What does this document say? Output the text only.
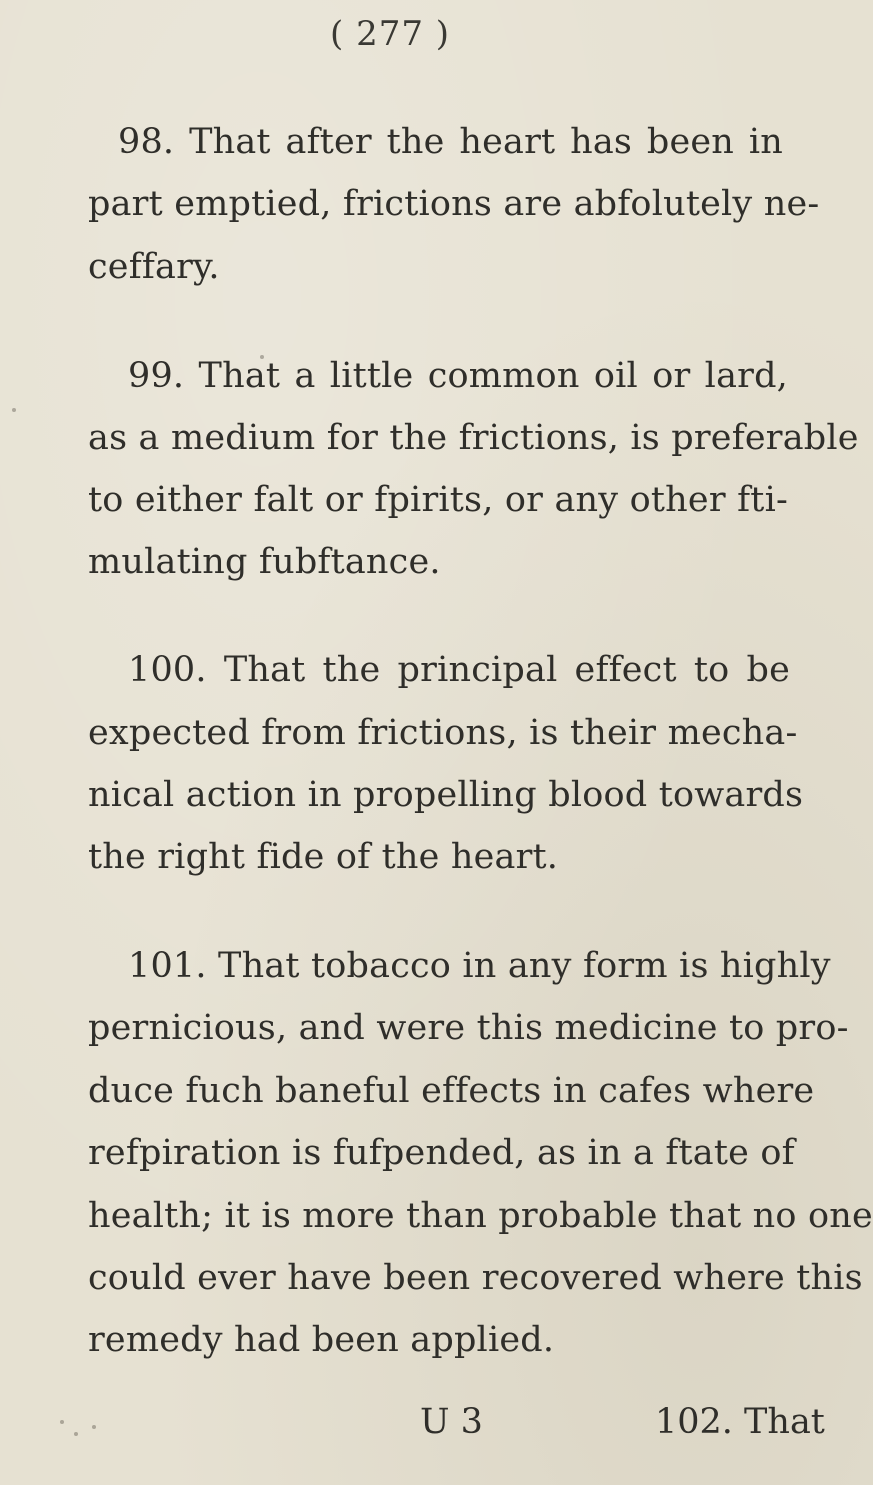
( 277 )
98. That after the heart has been in
part emptied, frictions are abfolutely ne-
ceffary.
99. That a little common oil or lard,
as a medium for the frictions, is preferable
to either falt or fpirits, or any other fti-
mulating fubftance.
100. That the principal effect to be
expected from frictions, is their mecha-
nical action in propelling blood towards
the right fide of the heart.
101. That tobacco in any form is highly
pernicious, and were this medicine to pro-
duce fuch baneful effects in cafes where
refpiration is fufpended, as in a ftate of
health; it is more than probable that no one
could ever have been recovered where this
remedy had been applied.
U 3	102. That
